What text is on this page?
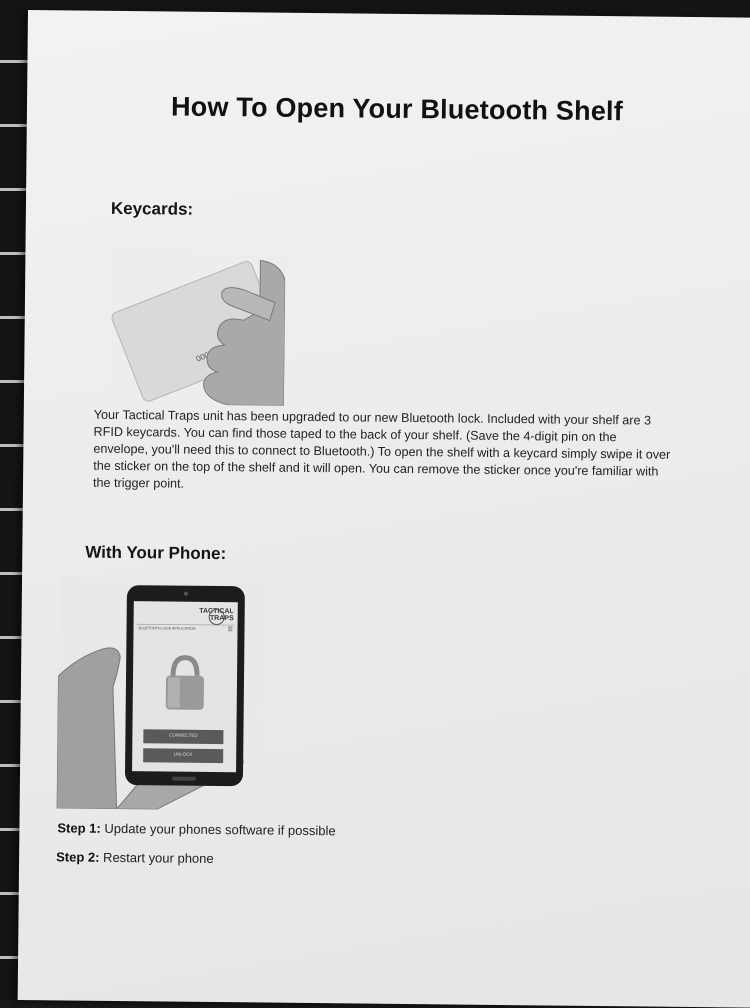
How To Open Your Bluetooth Shelf
Keycards:
Your Tactical Traps unit has been upgraded to our new Bluetooth lock. Included with your shelf are 3 RFID keycards. You can find those taped to the back of your shelf. (Save the 4-digit pin on the envelope, you'll need this to connect to Bluetooth.) To open the shelf with a keycard simply swipe it over the sticker on the top of the shelf and it will open. You can remove the sticker once you're familiar with the trigger point.
With Your Phone:
TACTICAL
TRAPS
BLUETOOTH LOCK APPLICATION	☰
CONNECTED
UNLOCK
Step 1: Update your phones software if possible
Step 2: Restart your phone
